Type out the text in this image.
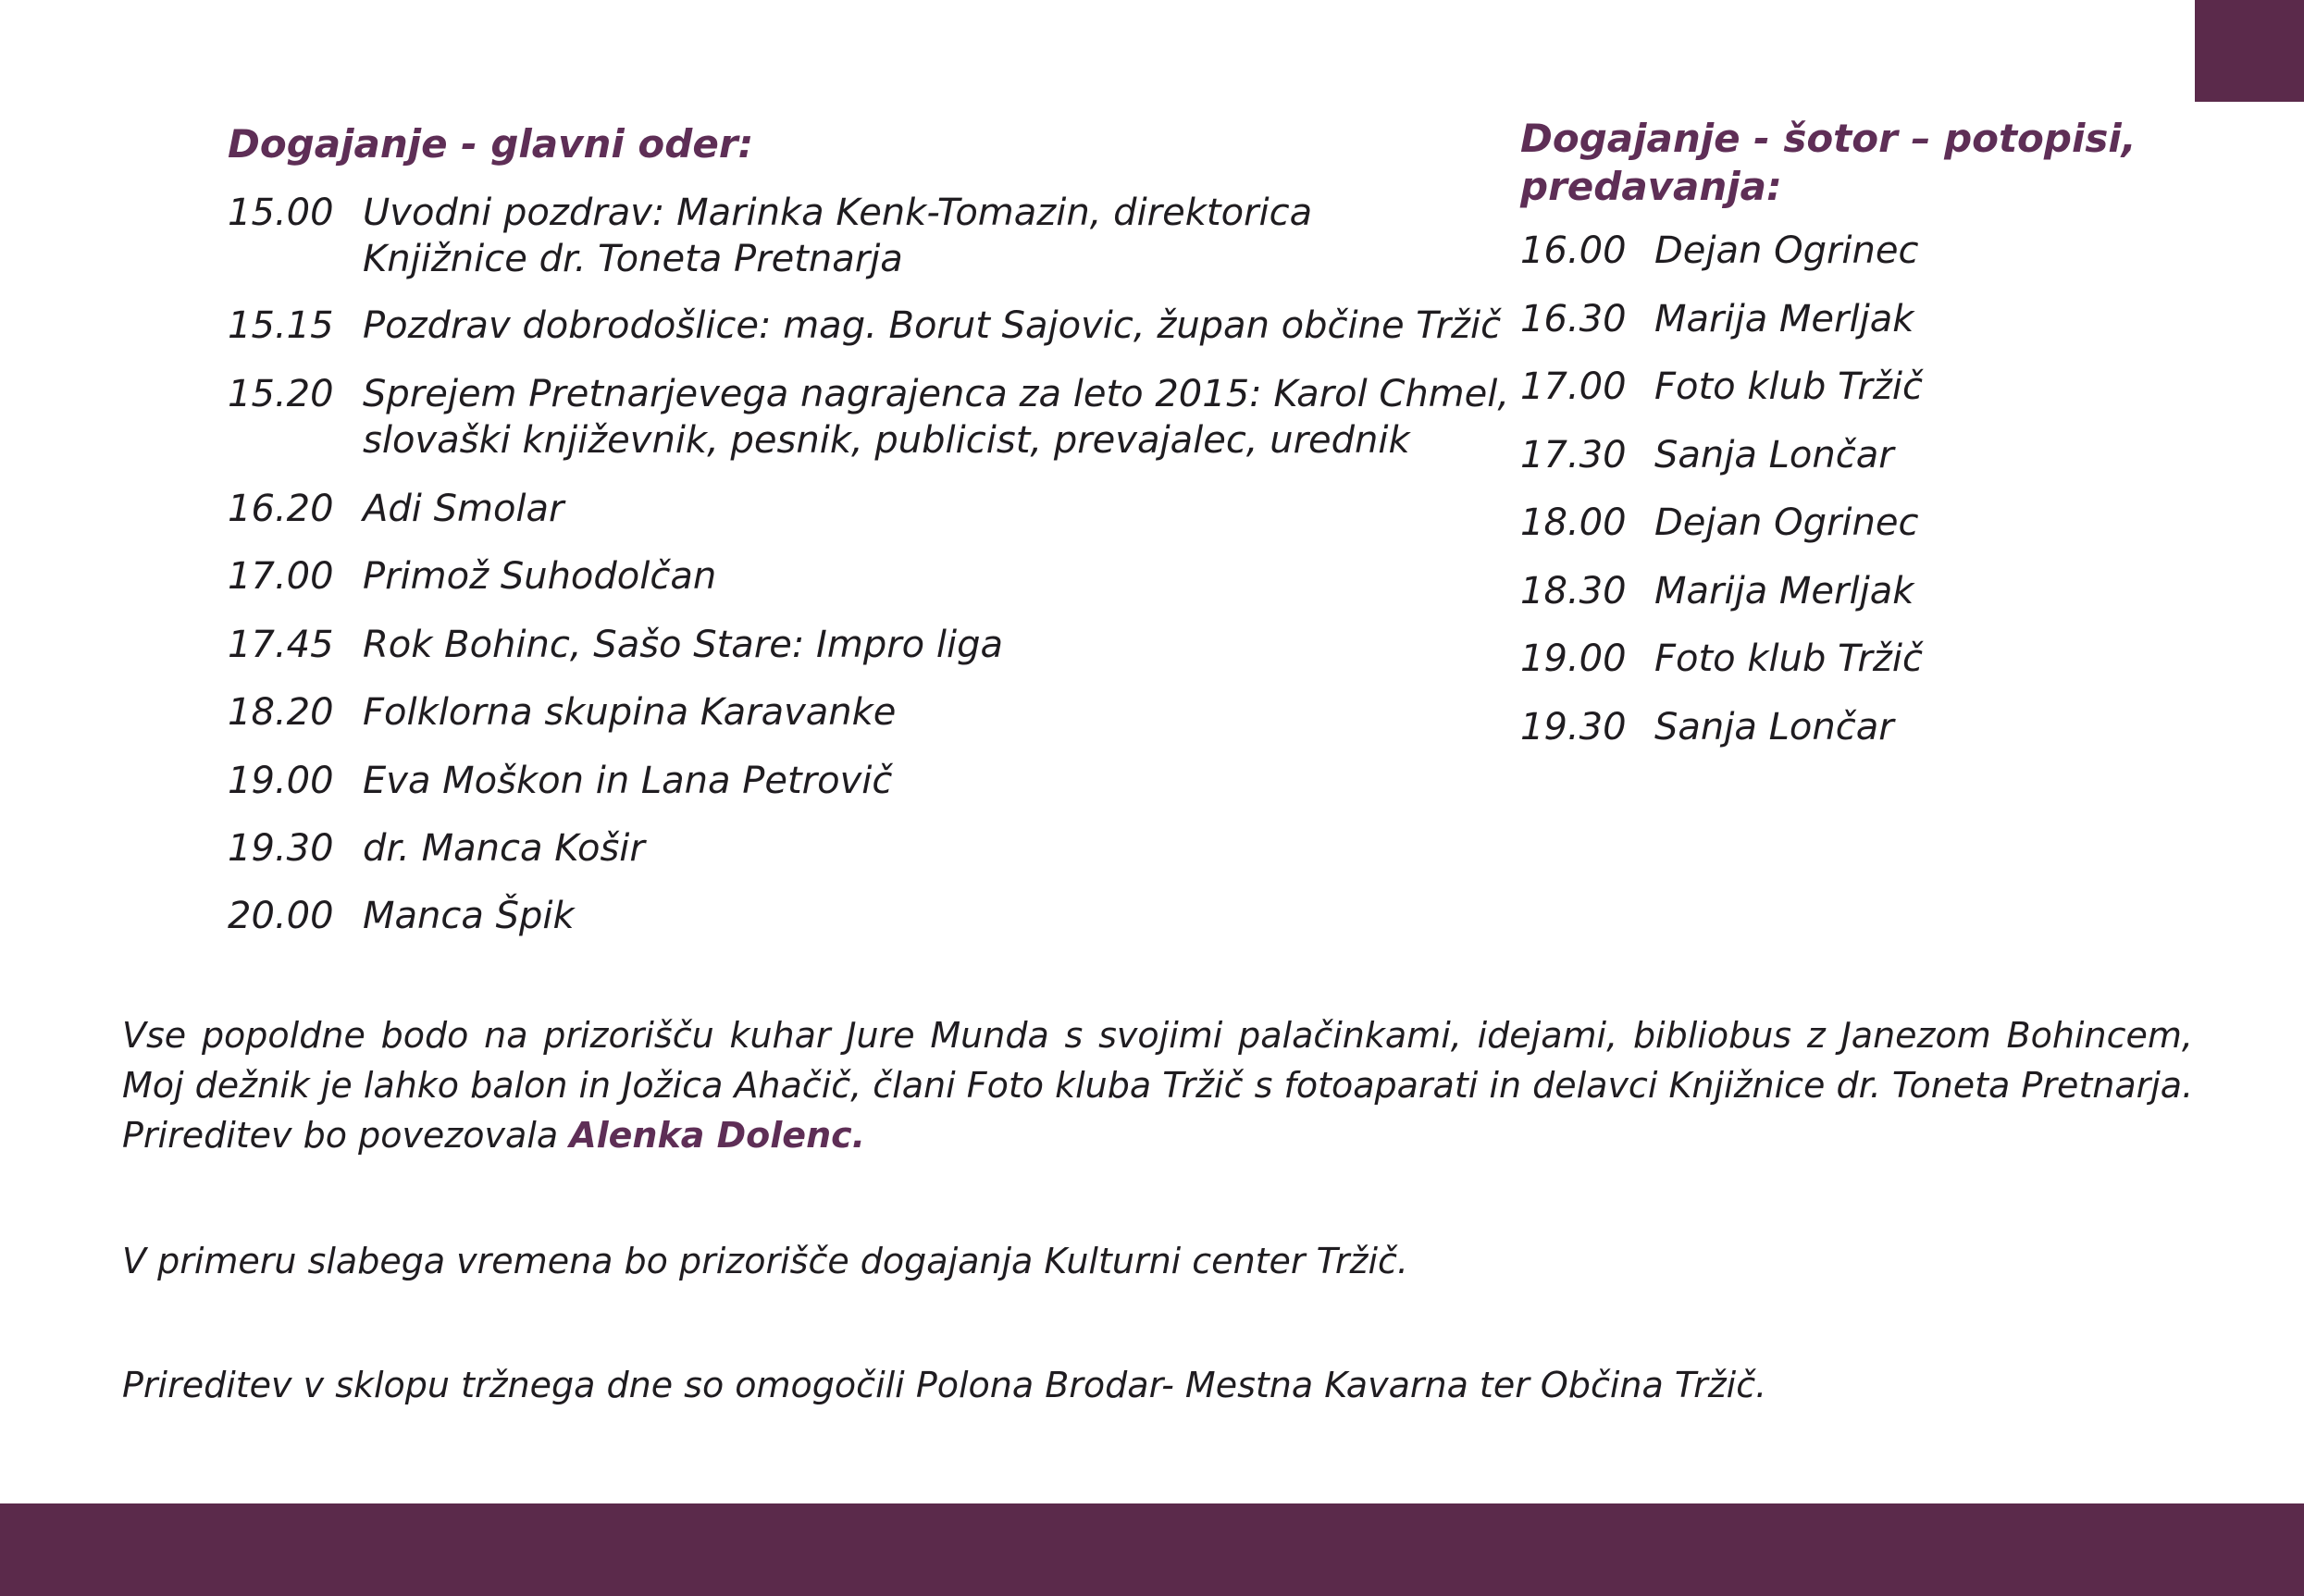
Dogajanje - glavni oder:
15.00 Uvodni pozdrav: Marinka Kenk-Tomazin, direktorica
Knjižnice dr. Toneta Pretnarja
15.15 Pozdrav dobrodošlice: mag. Borut Sajovic, župan občine Tržič
15.20 Sprejem Pretnarjevega nagrajenca za leto 2015: Karol Chmel,
slovaški književnik, pesnik, publicist, prevajalec, urednik
16.20 Adi Smolar
17.00 Primož Suhodolčan
17.45 Rok Bohinc, Sašo Stare: Impro liga
18.20 Folklorna skupina Karavanke
19.00 Eva Moškon in Lana Petrovič
19.30 dr. Manca Košir
20.00 Manca Špik
Dogajanje - šotor – potopisi,
predavanja:
16.00 Dejan Ogrinec
16.30 Marija Merljak
17.00 Foto klub Tržič
17.30 Sanja Lončar
18.00 Dejan Ogrinec
18.30 Marija Merljak
19.00 Foto klub Tržič
19.30 Sanja Lončar
Vse popoldne bodo na prizorišču kuhar Jure Munda s svojimi palačinkami, idejami, bibliobus z Janezom Bohincem,
Moj dežnik je lahko balon in Jožica Ahačič, člani Foto kluba Tržič s fotoaparati in delavci Knjižnice dr. Toneta Pretnarja.
Prireditev bo povezovala Alenka Dolenc.

V primeru slabega vremena bo prizorišče dogajanja Kulturni center Tržič.

Prireditev v sklopu tržnega dne so omogočili Polona Brodar- Mestna Kavarna ter Občina Tržič.
